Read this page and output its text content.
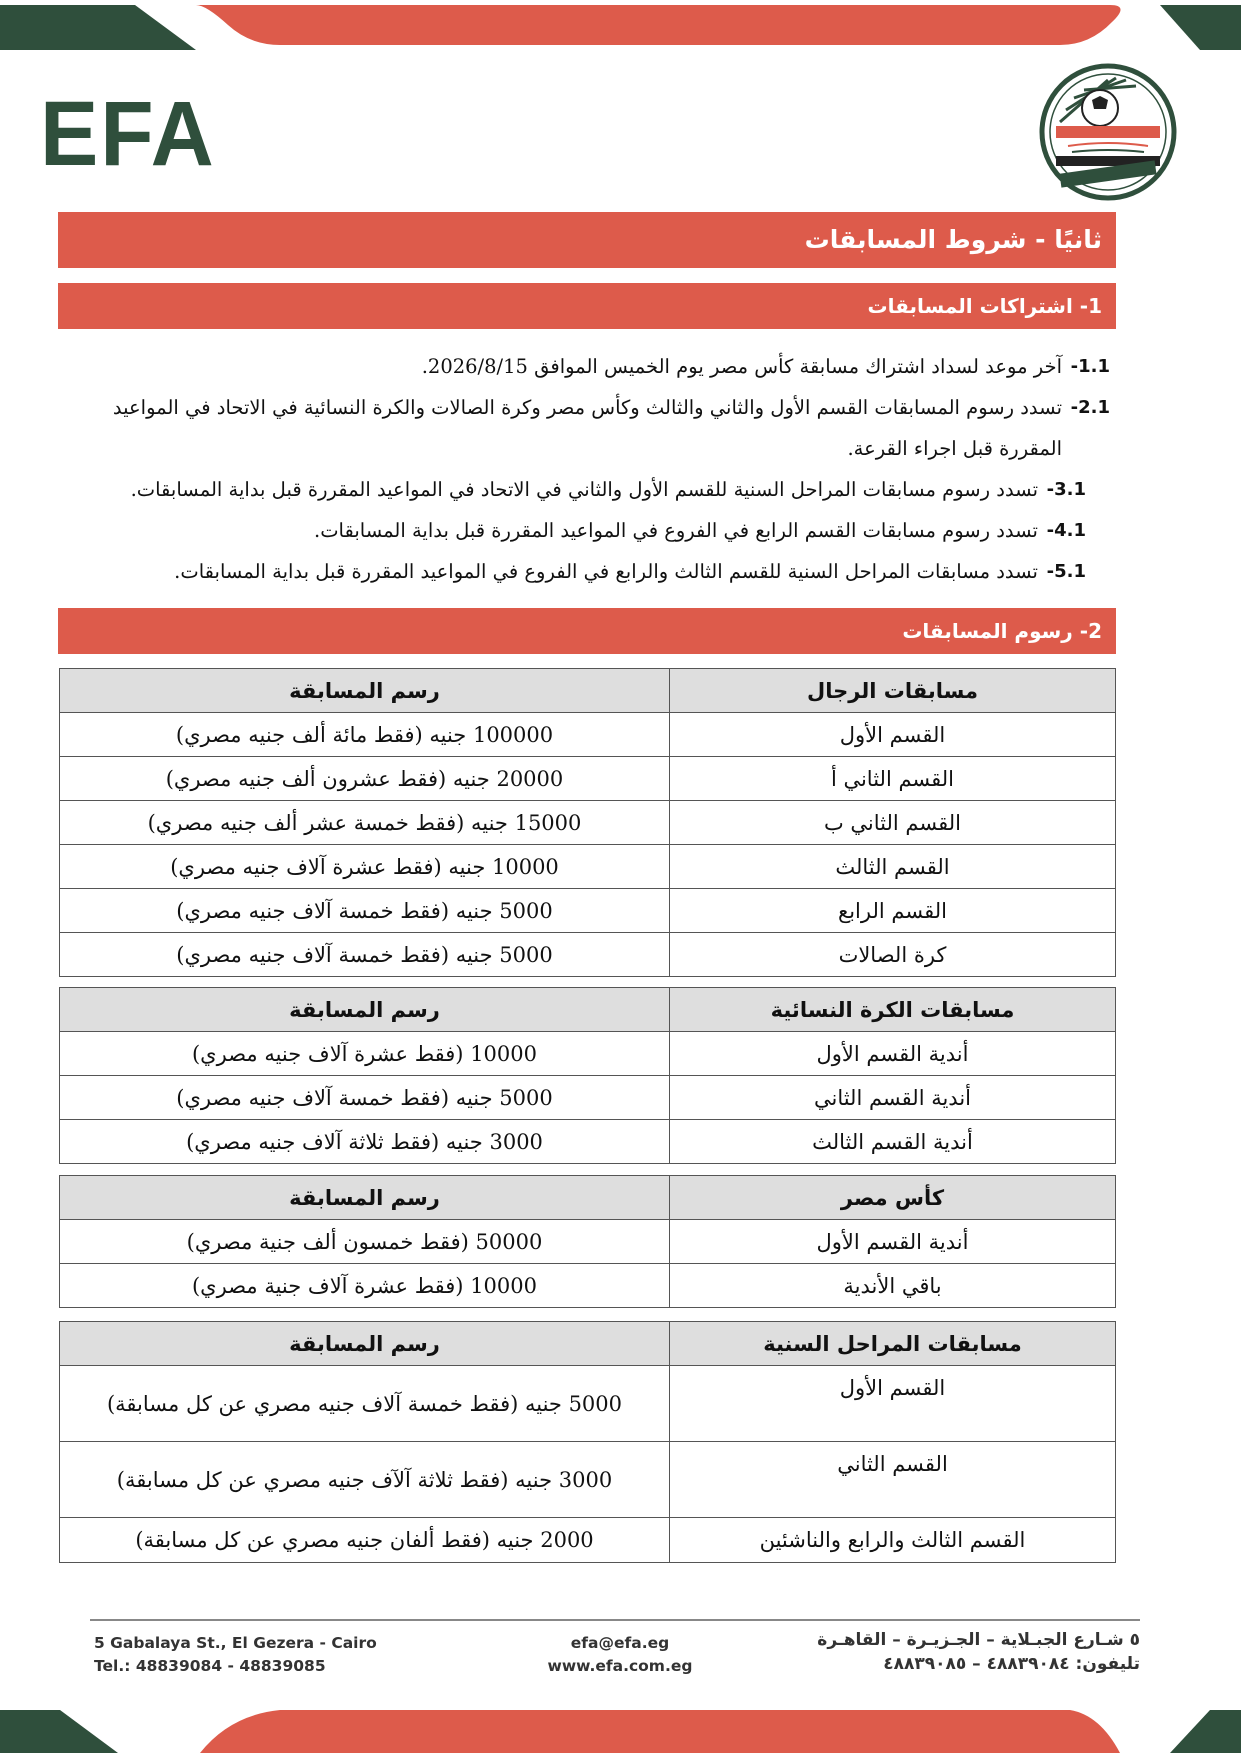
EFA
ثانيًا - شروط المسابقات
1- اشتراكات المسابقات
1.1-
آخر موعد لسداد اشتراك مسابقة كأس مصر يوم الخميس الموافق 2026/8/15.
2.1-
تسدد رسوم المسابقات القسم الأول والثاني والثالث وكأس مصر وكرة الصالات والكرة النسائية في الاتحاد في المواعيد المقررة قبل اجراء القرعة.
3.1-
تسدد رسوم مسابقات المراحل السنية للقسم الأول والثاني في الاتحاد في المواعيد المقررة قبل بداية المسابقات.
4.1-
تسدد رسوم مسابقات القسم الرابع في الفروع في المواعيد المقررة قبل بداية المسابقات.
5.1-
تسدد مسابقات المراحل السنية للقسم الثالث والرابع في الفروع في المواعيد المقررة قبل بداية المسابقات.
2- رسوم المسابقات
مسابقات الرجال	رسم المسابقة
القسم الأول	100000 جنيه (فقط مائة ألف جنيه مصري)
القسم الثاني أ	20000 جنيه (فقط عشرون ألف جنيه مصري)
القسم الثاني ب	15000 جنيه (فقط خمسة عشر ألف جنيه مصري)
القسم الثالث	10000 جنيه (فقط عشرة آلاف جنيه مصري)
القسم الرابع	5000 جنيه (فقط خمسة آلاف جنيه مصري)
كرة الصالات	5000 جنيه (فقط خمسة آلاف جنيه مصري)
مسابقات الكرة النسائية	رسم المسابقة
أندية القسم الأول	10000 (فقط عشرة آلاف جنيه مصري)
أندية القسم الثاني	5000 جنيه (فقط خمسة آلاف جنيه مصري)
أندية القسم الثالث	3000 جنيه (فقط ثلاثة آلاف جنيه مصري)
كأس مصر	رسم المسابقة
أندية القسم الأول	50000 (فقط خمسون ألف جنية مصري)
باقي الأندية	10000 (فقط عشرة آلاف جنية مصري)
مسابقات المراحل السنية	رسم المسابقة
القسم الأول	5000 جنيه (فقط خمسة آلاف جنيه مصري عن كل مسابقة)
القسم الثاني	3000 جنيه (فقط ثلاثة آلآف جنيه مصري عن كل مسابقة)
القسم الثالث والرابع والناشئين	2000 جنيه (فقط ألفان جنيه مصري عن كل مسابقة)
5 Gabalaya St., El Gezera - Cairo
Tel.: 48839084 - 48839085
efa@efa.eg
www.efa.com.eg
٥ شـارع الجبـلاية – الجـزيـرة – القاهـرة
تليفون: ٤٨٨٣٩٠٨٤ – ٤٨٨٣٩٠٨٥
